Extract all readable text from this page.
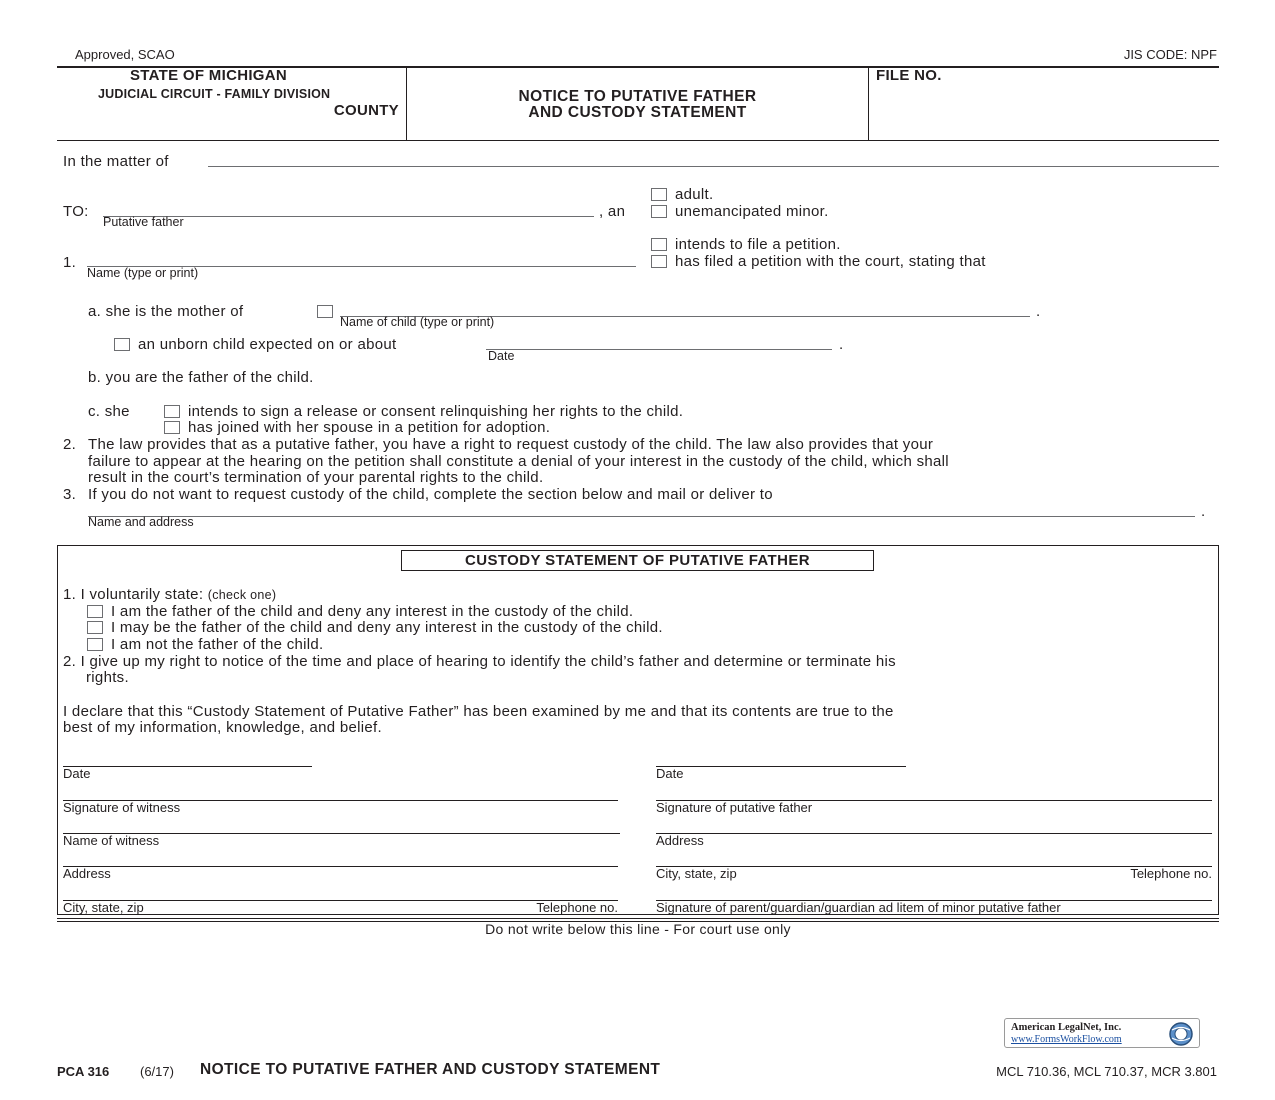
Approved, SCAO	JIS CODE: NPF
STATE OF MICHIGAN
JUDICIAL CIRCUIT - FAMILY DIVISION
COUNTY
NOTICE TO PUTATIVE FATHER
AND CUSTODY STATEMENT
FILE NO.
In the matter of
TO:
Putative father
, an
adult.
unemancipated minor.
1.
Name (type or print)
intends to file a petition.
has filed a petition with the court, stating that
a. she is the mother of
Name of child (type or print)
.
an unborn child expected on or about
Date
.
b. you are the father of the child.
c. she	intends to sign a release or consent relinquishing her rights to the child.
has joined with her spouse in a petition for adoption.
2. The law provides that as a putative father, you have a right to request custody of the child. The law also provides that your
failure to appear at the hearing on the petition shall constitute a denial of your interest in the custody of the child, which shall
result in the court’s termination of your parental rights to the child.
3. If you do not want to request custody of the child, complete the section below and mail or deliver to
Name and address
.
CUSTODY STATEMENT OF PUTATIVE FATHER
1. I voluntarily state: (check one)
I am the father of the child and deny any interest in the custody of the child.
I may be the father of the child and deny any interest in the custody of the child.
I am not the father of the child.
2. I give up my right to notice of the time and place of hearing to identify the child’s father and determine or terminate his
rights.
I declare that this “Custody Statement of Putative Father” has been examined by me and that its contents are true to the
best of my information, knowledge, and belief.
Date
Signature of witness
Name of witness
Address
City, state, zip	Telephone no.
Date
Signature of putative father
Address
City, state, zip	Telephone no.
Signature of parent/guardian/guardian ad litem of minor putative father
Do not write below this line - For court use only
American LegalNet, Inc.
www.FormsWorkFlow.com
PCA 316 (6/17) NOTICE TO PUTATIVE FATHER AND CUSTODY STATEMENT	MCL 710.36, MCL 710.37, MCR 3.801
